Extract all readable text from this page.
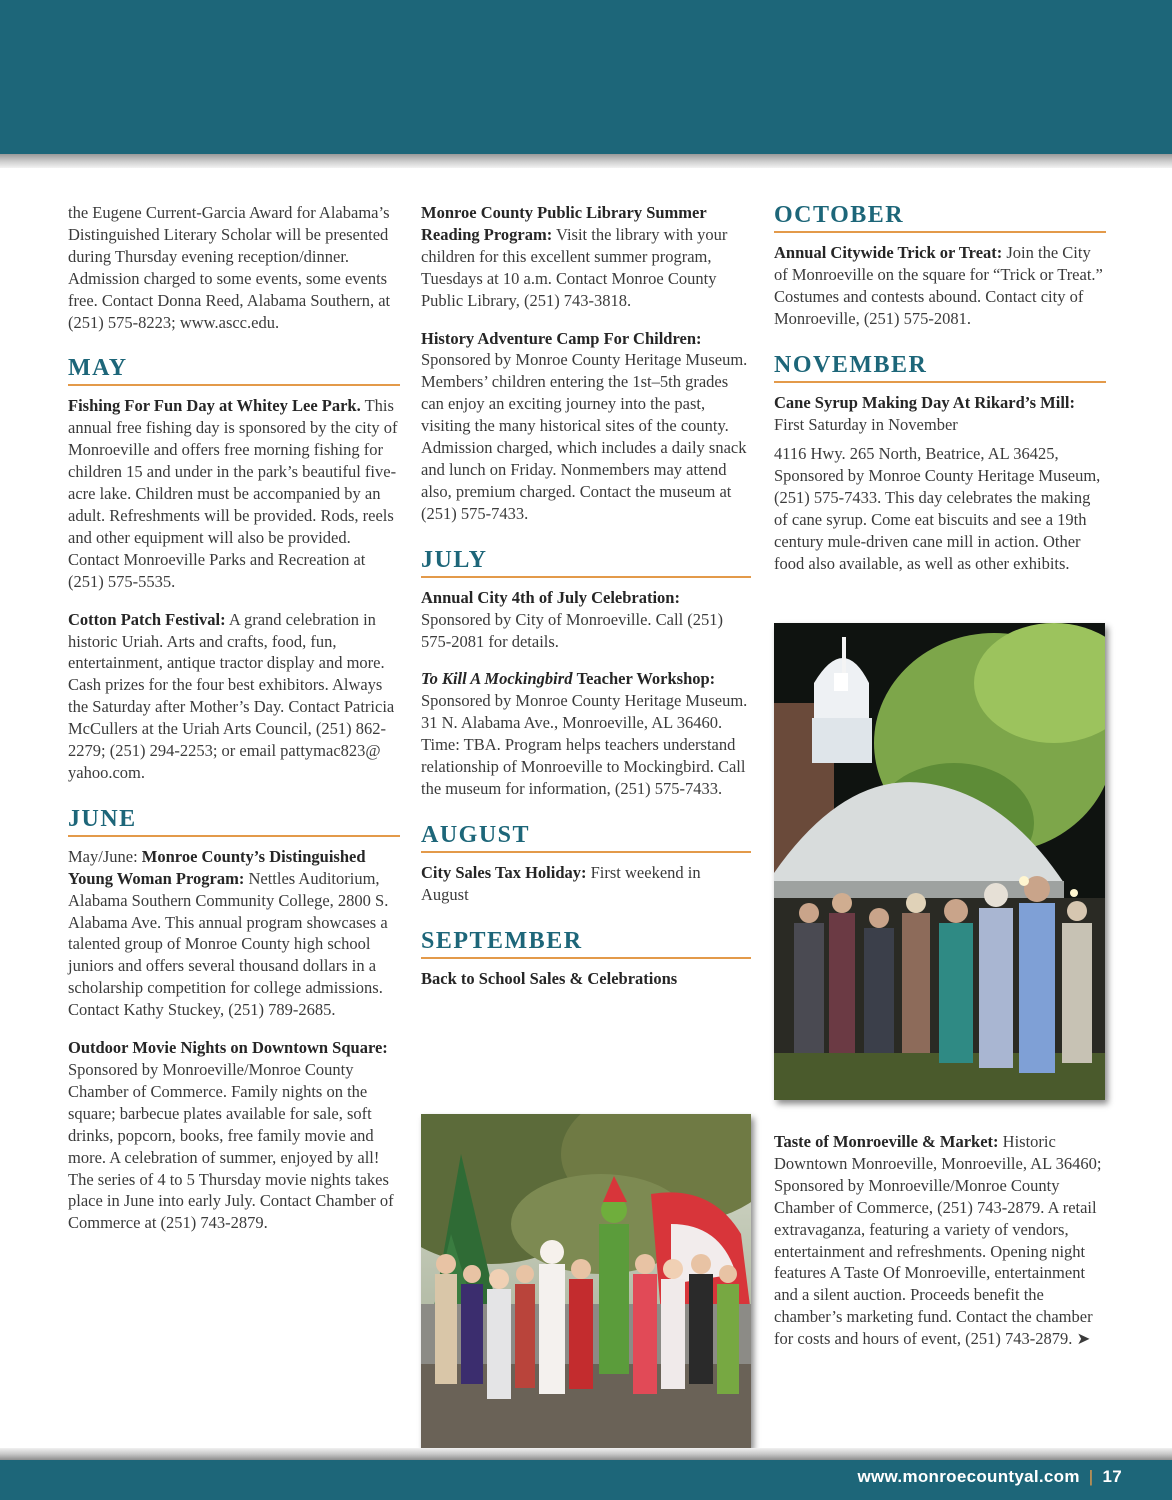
the Eugene Current-Garcia Award for Alabama’s Distinguished Literary Scholar will be presented during Thursday evening reception/dinner. Admission charged to some events, some events free. Contact Donna Reed, Alabama Southern, at (251) 575-8223; www.ascc.edu.

MAY

Fishing For Fun Day at Whitey Lee Park. This annual free fishing day is sponsored by the city of Monroeville and offers free morning fishing for children 15 and under in the park’s beautiful five-acre lake. Children must be accompanied by an adult. Refreshments will be provided. Rods, reels and other equipment will also be provided. Contact Monroeville Parks and Recreation at (251) 575-5535.

Cotton Patch Festival: A grand celebration in historic Uriah. Arts and crafts, food, fun, entertainment, antique tractor display and more. Cash prizes for the four best exhibitors. Always the Saturday after Mother’s Day. Contact Patricia McCullers at the Uriah Arts Council, (251) 862-2279; (251) 294-2253; or email pattymac823@ yahoo.com.

JUNE

May/June: Monroe County’s Distinguished Young Woman Program: Nettles Auditorium, Alabama Southern Community College, 2800 S. Alabama Ave. This annual program showcases a talented group of Monroe County high school juniors and offers several thousand dollars in a scholarship competition for college admissions. Contact Kathy Stuckey, (251) 789-2685.

Outdoor Movie Nights on Downtown Square: Sponsored by Monroeville/Monroe County Chamber of Commerce. Family nights on the square; barbecue plates available for sale, soft drinks, popcorn, books, free family movie and more. A celebration of summer, enjoyed by all! The series of 4 to 5 Thursday movie nights takes place in June into early July. Contact Chamber of Commerce at (251) 743-2879.

Monroe County Public Library Summer Reading Program: Visit the library with your children for this excellent summer program, Tuesdays at 10 a.m. Contact Monroe County Public Library, (251) 743-3818.

History Adventure Camp For Children: Sponsored by Monroe County Heritage Museum. Members’ children entering the 1st–5th grades can enjoy an exciting journey into the past, visiting the many historical sites of the county. Admission charged, which includes a daily snack and lunch on Friday. Nonmembers may attend also, premium charged. Contact the museum at (251) 575-7433.

JULY

Annual City 4th of July Celebration: Sponsored by City of Monroeville. Call (251) 575-2081 for details.

To Kill A Mockingbird Teacher Workshop: Sponsored by Monroe County Heritage Museum. 31 N. Alabama Ave., Monroeville, AL 36460. Time: TBA. Program helps teachers understand relationship of Monroeville to Mockingbird. Call the museum for information, (251) 575-7433.

AUGUST

City Sales Tax Holiday: First weekend in August

SEPTEMBER

Back to School Sales & Celebrations

OCTOBER

Annual Citywide Trick or Treat: Join the City of Monroeville on the square for “Trick or Treat.” Costumes and contests abound. Contact city of Monroeville, (251) 575-2081.

NOVEMBER

Cane Syrup Making Day At Rikard’s Mill: First Saturday in November

4116 Hwy. 265 North, Beatrice, AL 36425, Sponsored by Monroe County Heritage Museum, (251) 575-7433. This day celebrates the making of cane syrup. Come eat biscuits and see a 19th century mule-driven cane mill in action. Other food also available, as well as other exhibits.

Taste of Monroeville & Market: Historic Downtown Monroeville, Monroeville, AL 36460; Sponsored by Monroeville/Monroe County Chamber of Commerce, (251) 743-2879. A retail extravaganza, featuring a variety of vendors, entertainment and refreshments. Opening night features A Taste Of Monroeville, entertainment and a silent auction. Proceeds benefit the chamber’s marketing fund. Contact the chamber for costs and hours of event, (251) 743-2879. ➤

www.monroecountyal.com | 17
